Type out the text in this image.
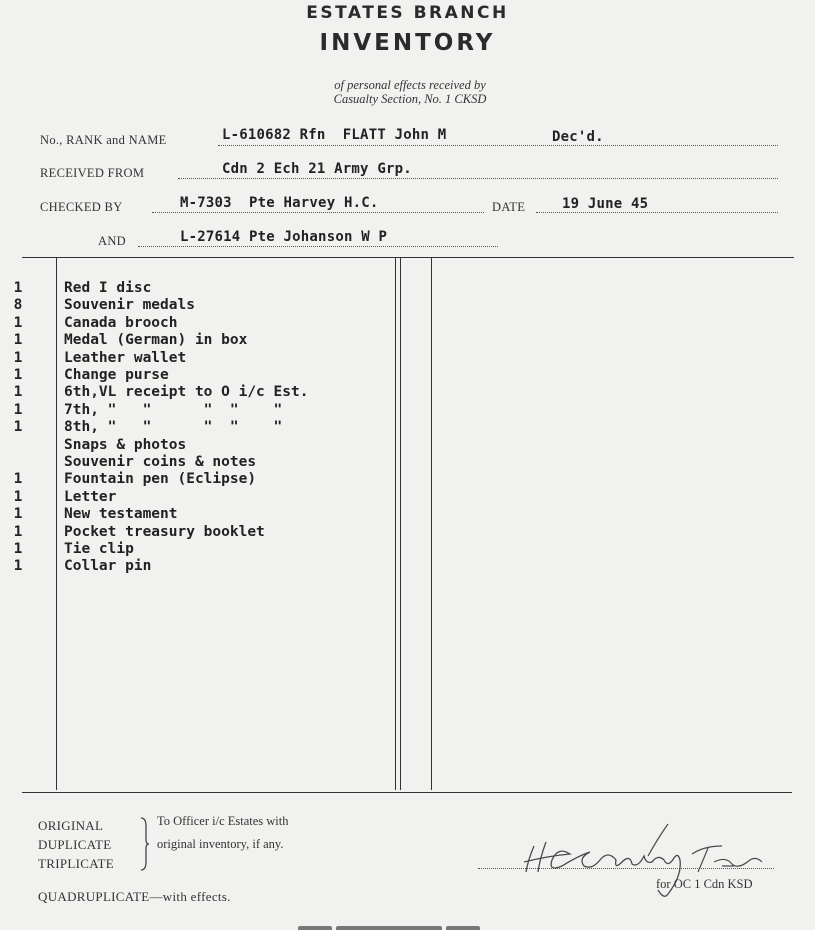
ESTATES BRANCH
INVENTORY
of personal effects received by
Casualty Section, No. 1 CKSD
No., RANK and NAME	L-610682 Rfn  FLATT John M	Dec'd.
RECEIVED FROM	Cdn 2 Ech 21 Army Grp.
CHECKED BY	M-7303  Pte Harvey H.C.	DATE	19 June 45
AND	L-27614 Pte Johanson W P
1	Red I disc
8	Souvenir medals
1	Canada brooch
1	Medal (German) in box
1	Leather wallet
1	Change purse
1	6th,VL receipt to O i/c Est.
1	7th, "   "      "  "    "
1	8th, "   "      "  "    "
Snaps & photos
Souvenir coins & notes
1	Fountain pen (Eclipse)
1	Letter
1	New testament
1	Pocket treasury booklet
1	Tie clip
1	Collar pin
ORIGINAL
DUPLICATE
TRIPLICATE
To Officer i/c Estates with
original inventory, if any.
QUADRUPLICATE—with effects.
for OC 1 Cdn KSD
